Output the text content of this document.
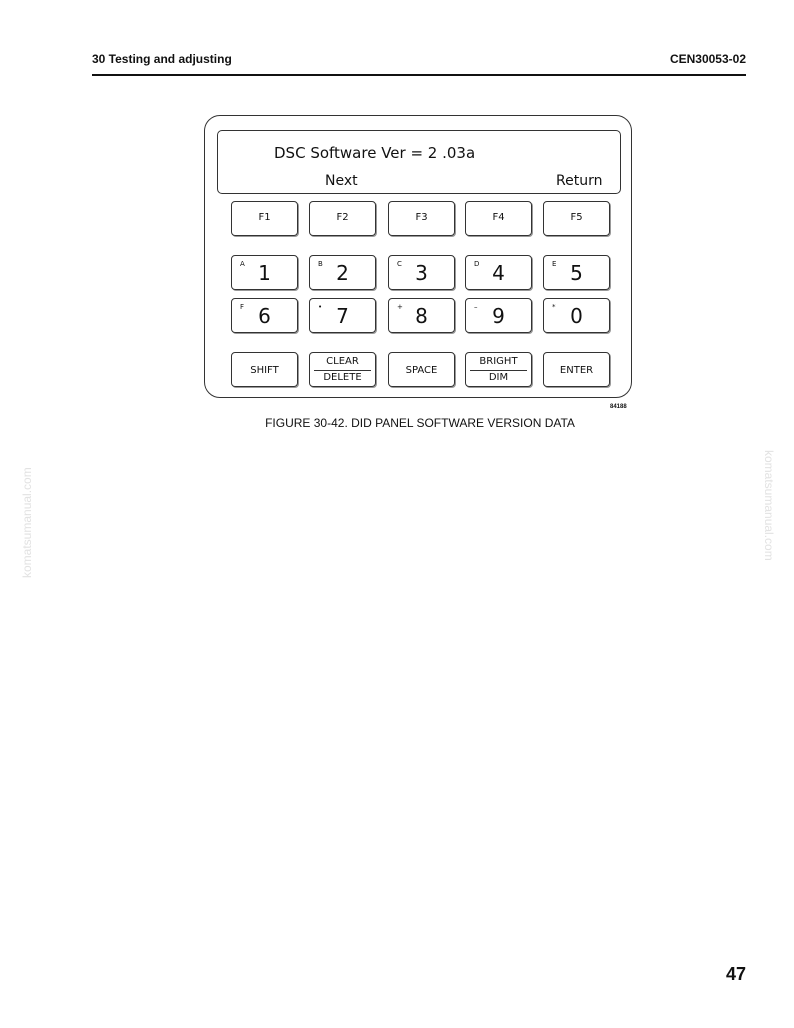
30 Testing and adjusting	CEN30053-02
DSC Software Ver = 2 .03a
Next	Return
F1	F2	F3	F4	F5
A 1	B 2	C 3	D 4	E 5
F 6	• 7	+ 8	– 9	* 0
SHIFT
CLEAR
DELETE
SPACE
BRIGHT
DIM
ENTER
84188
FIGURE 30-42. DID PANEL SOFTWARE VERSION DATA
komatsumanual.com	komatsumanual.com
47
